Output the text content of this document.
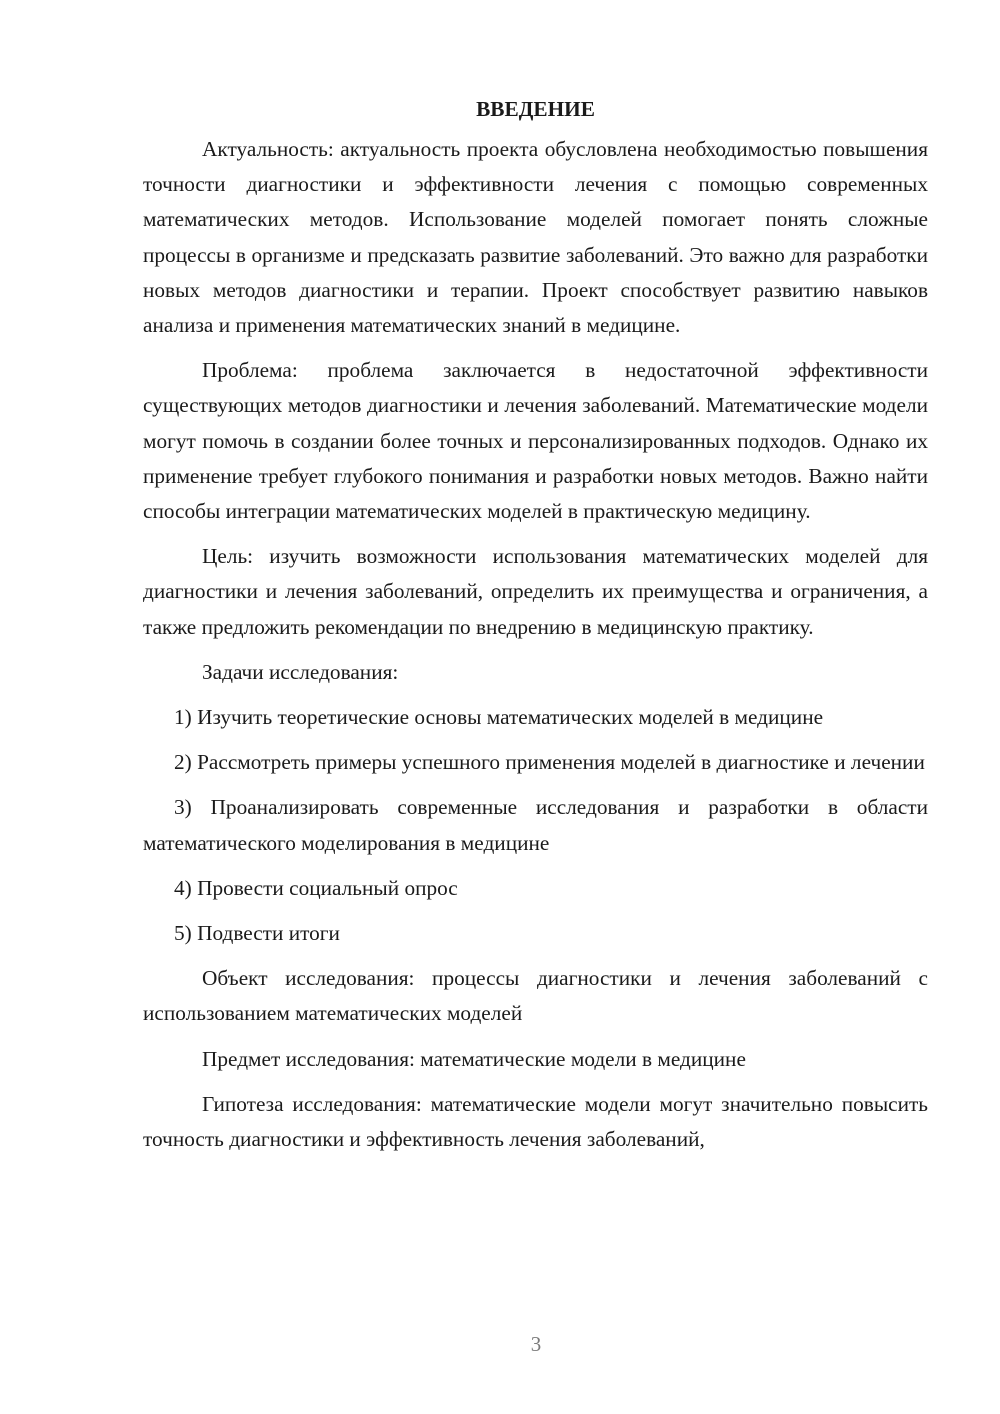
ВВЕДЕНИЕ

Актуальность: актуальность проекта обусловлена необходимостью повышения точности диагностики и эффективности лечения с помощью современных математических методов. Использование моделей помогает понять сложные процессы в организме и предсказать развитие заболеваний. Это важно для разработки новых методов диагностики и терапии. Проект способствует развитию навыков анализа и применения математических знаний в медицине.

Проблема: проблема заключается в недостаточной эффективности существующих методов диагностики и лечения заболеваний. Математические модели могут помочь в создании более точных и персонализированных подходов. Однако их применение требует глубокого понимания и разработки новых методов. Важно найти способы интеграции математических моделей в практическую медицину.

Цель: изучить возможности использования математических моделей для диагностики и лечения заболеваний, определить их преимущества и ограничения, а также предложить рекомендации по внедрению в медицинскую практику.

Задачи исследования:

1) Изучить теоретические основы математических моделей в медицине

2) Рассмотреть примеры успешного применения моделей в диагностике и лечении

3) Проанализировать современные исследования и разработки в области математического моделирования в медицине

4) Провести социальный опрос

5) Подвести итоги

Объект исследования: процессы диагностики и лечения заболеваний с использованием математических моделей

Предмет исследования: математические модели в медицине

Гипотеза исследования: математические модели могут значительно повысить точность диагностики и эффективность лечения заболеваний,

3
